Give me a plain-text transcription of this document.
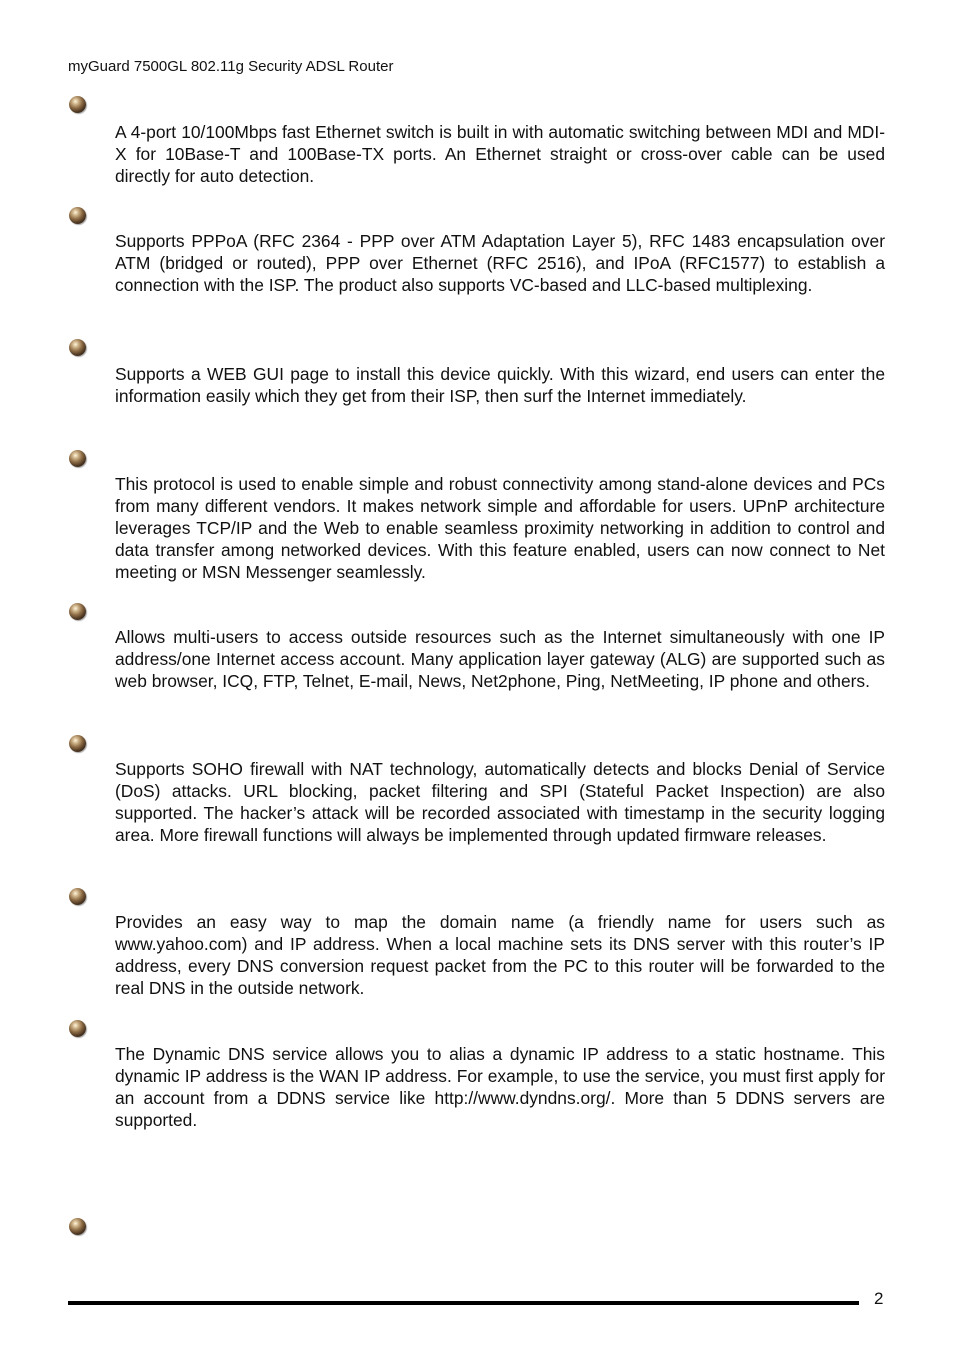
myGuard 7500GL 802.11g Security ADSL Router

A 4-port 10/100Mbps fast Ethernet switch is built in with automatic switching between MDI and MDI-X for 10Base-T and 100Base-TX ports. An Ethernet straight or cross-over cable can be used directly for auto detection.

Supports PPPoA (RFC 2364 - PPP over ATM Adaptation Layer 5), RFC 1483 encapsulation over ATM (bridged or routed), PPP over Ethernet (RFC 2516), and IPoA (RFC1577) to establish a connection with the ISP. The product also supports VC-based and LLC-based multiplexing.

Supports a WEB GUI page to install this device quickly. With this wizard, end users can enter the information easily which they get from their ISP, then surf the Internet immediately.

This protocol is used to enable simple and robust connectivity among stand-alone devices and PCs from many different vendors. It makes network simple and affordable for users. UPnP architecture leverages TCP/IP and the Web to enable seamless proximity networking in addition to control and data transfer among networked devices. With this feature enabled, users can now connect to Net meeting or MSN Messenger seamlessly.

Allows multi-users to access outside resources such as the Internet simultaneously with one IP address/one Internet access account. Many application layer gateway (ALG) are supported such as web browser, ICQ, FTP, Telnet, E-mail, News, Net2phone, Ping, NetMeeting, IP phone and others.

Supports SOHO firewall with NAT technology, automatically detects and blocks Denial of Service (DoS) attacks. URL blocking, packet filtering and SPI (Stateful Packet Inspection) are also supported. The hacker’s attack will be recorded associated with timestamp in the security logging area. More firewall functions will always be implemented through updated firmware releases.

Provides an easy way to map the domain name (a friendly name for users such as www.yahoo.com) and IP address. When a local machine sets its DNS server with this router’s IP address, every DNS conversion request packet from the PC to this router will be forwarded to the real DNS in the outside network.

The Dynamic DNS service allows you to alias a dynamic IP address to a static hostname. This dynamic IP address is the WAN IP address. For example, to use the service, you must first apply for an account from a DDNS service like http://www.dyndns.org/. More than 5 DDNS servers are supported.

2
